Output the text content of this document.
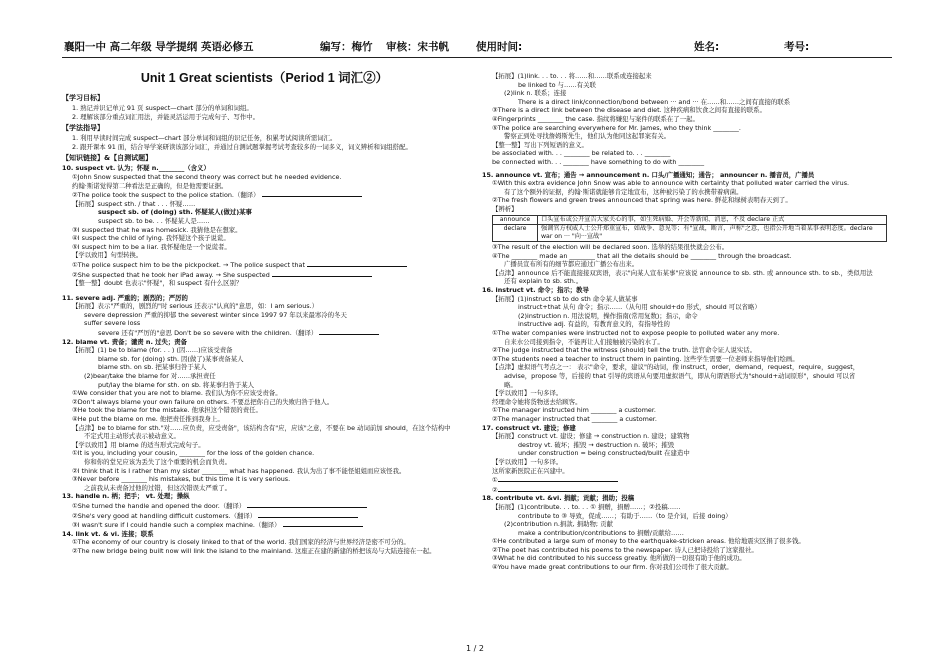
襄阳一中 高二年级 导学提纲 英语必修五	编写：梅竹 审核：宋书帆	使用时间:	姓名:	考号:
Unit 1 Great scientists（Period 1 词汇②）
【学习目标】
1. 熟记并识记单元 91 页 suspect—chart 部分的单词和词组。
2. 理解该部分重点词汇用法，并能灵活运用于完成句子、写作中。
【学法指导】
1. 利用早读时间完成 suspect—chart 部分单词和词组的识记任务，积累考试阅读所需词汇。
2. 跟开课本 91 面，结合导学案研读该部分词汇，并通过自测试题掌握考试考查较多的一词多义，词义辨析和词组搭配。
【知识链接】&【自测试题】
10. suspect vt. 认为；怀疑 n.________（含义）
①John Snow suspected that the second theory was correct but he needed evidence.
约翰·斯诺觉得第二种看法是正确的，但是他需要证据。
②The police took the suspect to the police station.（翻译）
【拓展】suspect sth. / that . . . 怀疑……
suspect sb. of (doing) sth. 怀疑某人(做过)某事
suspect sb. to be. . . 怀疑某人是……
③I suspected that he was homesick. 我猜他是在想家。
④I suspect the child of lying. 我怀疑这个孩子说谎。
⑤I suspect him to be a liar. 我怀疑他是一个说谎者。
【学以致用】句型转换。
①The police suspect him to be the pickpocket. → The police suspect that
②She suspected that he took her iPad away. → She suspected
【整一整】doubt 也表示"怀疑"，和 suspect 有什么区别？
11. severe adj. 严重的；剧烈的；严厉的
【拓展】表示"严重的，剧烈的"时 serious 还表示"认真的"意思，如：I am serious.）
severe depression 严重的抑郁 the severest winter since 1997 97 年以来最寒冷的冬天
suffer severe loss
severe 还有"严厉的"意思 Don't be so severe with the children.（翻译）
12. blame vt. 责备；谴责 n. 过失；责备
【拓展】(1) be to blame (for. . . ) (因……)应该受责备
blame sb. for (doing) sth. 因(做了)某事责备某人
blame sth. on sb. 把某事归咎于某人
(2)bear/take the blame for 对……承担责任
put/lay the blame for sth. on sb. 将某事归咎于某人
①We consider that you are not to blame. 我们认为你不应该受责备。
②Don't always blame your own failure on others. 不要总把你自己的失败归咎于他人。
③He took the blame for the mistake. 他承担这个错误的责任。
④He put the blame on me. 他把责任推到我身上。
【点津】be to blame for sth."对……应负责，应受责备"，该结构含有"应，应该"之意，不要在 be 动词前加 should，在这个结构中
不定式用主动形式表示被动意义。
【学以致用】用 blame 的适当形式完成句子。
①It is you, including your cousin, ________ for the loss of the golden chance.
你和你的堂兄应该为丢失了这个重要的机会而负责。
②I think that it is I rather than my sister ________ what has happened. 我认为出了事不能怪姐姐而应该怪我。
③Never before ________ his mistakes, but this time it is very serious.
之前我从未责备过他的过错，但这次错误太严重了。
13. handle n. 柄；把手； vt. 处理；操纵
①She turned the handle and opened the door.（翻译）
②She's very good at handling difficult customers.（翻译）
③I wasn't sure if I could handle such a complex machine.（翻译）
14. link vt. & vi. 连接；联系
①The economy of our country is closely linked to that of the world. 我们国家的经济与世界经济是密不可分的。
②The new bridge being built now will link the island to the mainland. 这座正在建的新建的桥把该岛与大陆连接在一起。
【拓展】(1)link. . . to. . . 将……和……联系或连接起来
be linked to 与……有关联
(2)link n. 联系；连接
There is a direct link/connection/bond between ··· and ··· 在……和……之间有直接的联系
③There is a direct link between the disease and diet. 这种疾病和饮食之间有直接的联系。
④Fingerprints ________ the case. 指纹将嫌犯与案件的联系在了一起。
⑤The police are searching everywhere for Mr. James, who they think ________.
警察正到处寻找詹姆斯先生，他们认为他同这起罪案有关。
【整一整】写出下列短语的意义。
be associated with. . . ________ be related to. . . ________
be connected with. . . ________ have something to do with ________
15. announce vt. 宣布；通告 → announcement n. 口头/广播通知；通告； announcer n. 播音员，广播员
①With this extra evidence John Snow was able to announce with certainty that polluted water carried the virus.
有了这个额外的证据，约翰·斯诺就能够肯定地宣布，这种被污染了的水携带着病菌。
②The fresh flowers and green trees announced that spring was here. 鲜花和绿树表明春天到了。
【辨析】
announce	口头宣布或公开宣告大家关心的事，如生死病婚、开会等新闻、消息，不及 declare 正式
declare	强调官方权威人士公开郑重宣布，如战争、意见等；有"宣战，断言，声称"之意，也指公开地当着某事表明态度。declare war on ··· "向···宣战"
③The result of the election will be declared soon. 选举的结果很快就会公布。
④The ________ made an ________ that all the details should be ________ through the broadcast.
广播员宣布所有的细节都应通过广播公布出来。
【点津】announce 后不能直接接双宾语，表示"向某人宣布某事"应该说 announce to sb. sth. 或 announce sth. to sb.，类似用法
还有 explain to sb. sth.。
16. instruct vt. 命令；指示；教导
【拓展】(1)instruct sb to do sth 命令某人做某事
instruct+that 从句 命令；指示……（从句用 should+do 形式，should 可以省略）
(2)instruction n. 用法说明，操作指南(常用复数)；指示，命令
instructive adj. 有益的，有教育意义的，有指导性的
①The water companies were instructed not to expose people to polluted water any more.
自来水公司接到指令，不能再让人们接触被污染的水了。
②The judge instructed that the witness (should) tell the truth. 法官命令证人说实话。
③The students need a teacher to instruct them in painting. 这些学生需要一位老师来指导他们绘画。
【点津】虚拟语气考点之一： 表示"命令，要求，建议"的动词，像 instruct，order，demand，request，require，suggest，
advise，propose 等，后接的 that 引导的宾语从句要用虚拟语气，即从句谓语形式为"should+动词原形"，should 可以省
略。
【学以致用】一句多译。
经理命令她将货物送去给顾客。
①The manager instructed him ________ a customer.
②The manager instructed that ________ a customer.
17. construct vt. 建设；修建
【拓展】construct vt. 建设；修建 → construction n. 建设；建筑物
destroy vt. 破坏；摧毁 → destruction n. 破坏；摧毁
under construction = being constructed/built 在建造中
【学以致用】一句多译。
这所家新医院正在兴建中。
①
②
18. contribute vt. &vi. 捐献；贡献；捐助；投稿
【拓展】(1)contribute. . . to. . . ① 捐赠，捐赠……；②投稿……
contribute to ③ 导致，促成……；有助于……（to 是介词，后接 doing）
(2)contribution n.捐款, 捐助物; 贡献
make a contribution/contributions to 捐赠/贡献给……
①He contributed a large sum of money to the earthquake-stricken areas. 他给地震灾区捐了很多钱。
②The poet has contributed his poems to the newspaper. 诗人已把诗投给了这家报社。
③What he did contributed to his success greatly. 他所做的一切很有助于他的成功。
④You have made great contributions to our firm. 你对我们公司作了很大贡献。
1 / 2
